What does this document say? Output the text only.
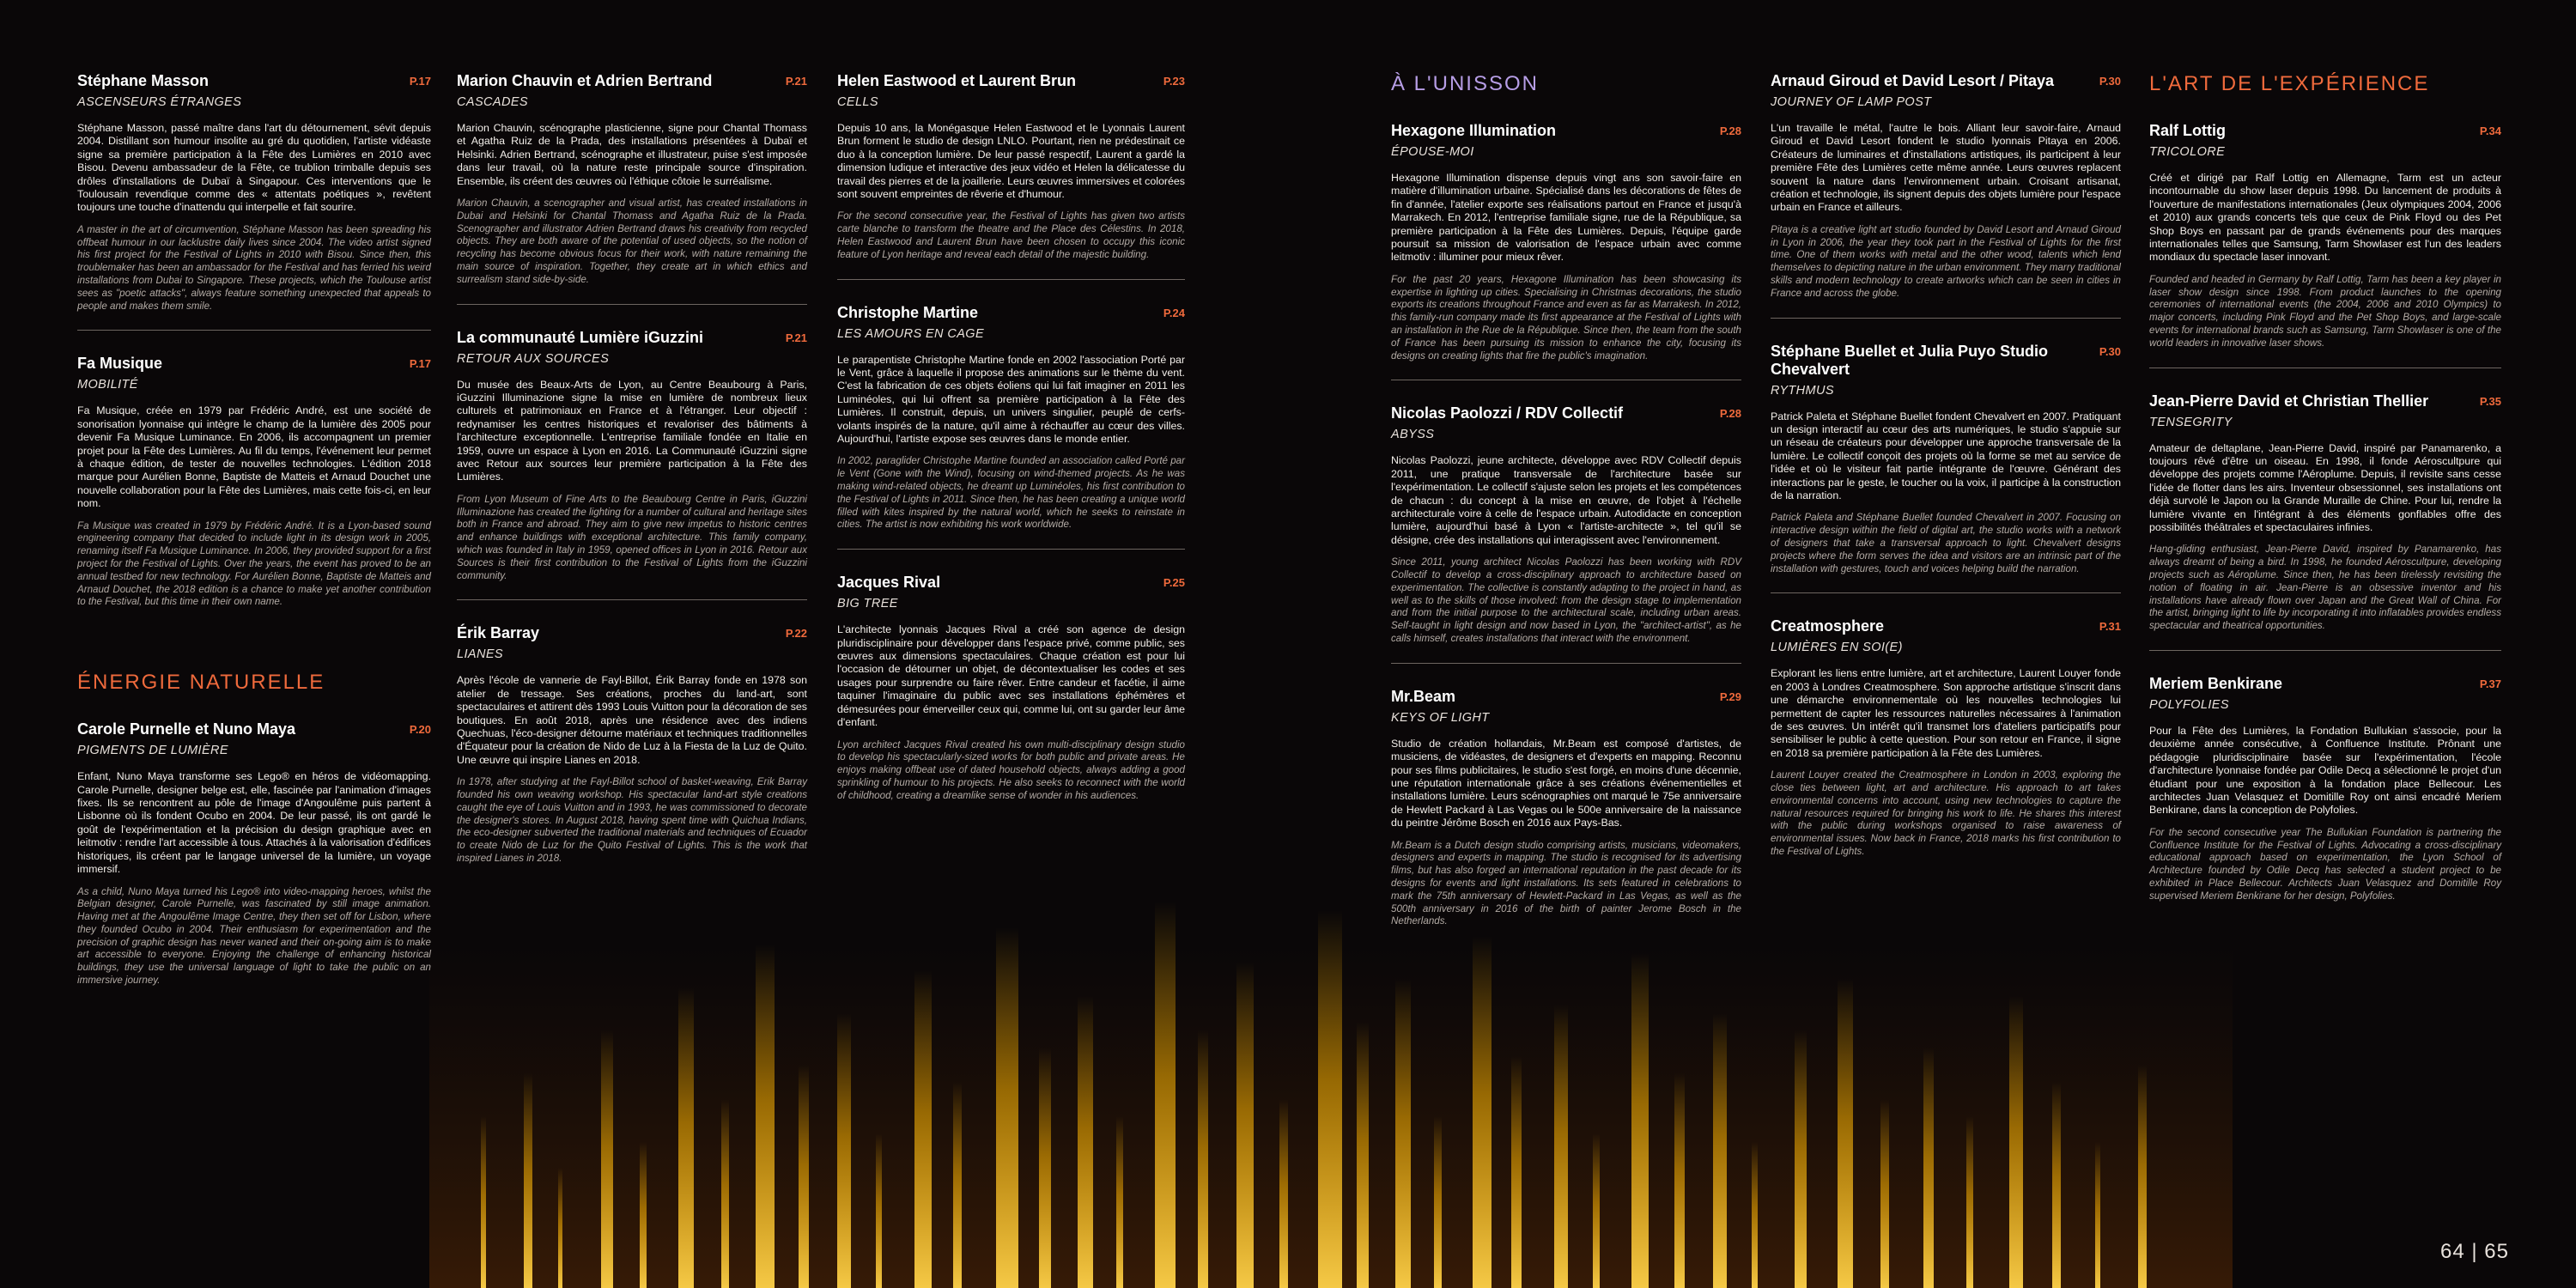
Stéphane Masson	P.17
ASCENSEURS ÉTRANGES

Stéphane Masson, passé maître dans l'art du détournement, sévit depuis 2004. Distillant son humour insolite au gré du quotidien, l'artiste vidéaste signe sa première participation à la Fête des Lumières en 2010 avec Bisou. Devenu ambassadeur de la Fête, ce trublion trimballe depuis ses drôles d'installations de Dubaï à Singapour. Ces interventions que le Toulousain revendique comme des « attentats poétiques », revêtent toujours une touche d'inattendu qui interpelle et fait sourire.

A master in the art of circumvention, Stéphane Masson has been spreading his offbeat humour in our lacklustre daily lives since 2004. The video artist signed his first project for the Festival of Lights in 2010 with Bisou. Since then, this troublemaker has been an ambassador for the Festival and has ferried his weird installations from Dubai to Singapore. These projects, which the Toulouse artist sees as "poetic attacks", always feature something unexpected that appeals to people and makes them smile.

Fa Musique	P.17
MOBILITÉ

Fa Musique, créée en 1979 par Frédéric André, est une société de sonorisation lyonnaise qui intègre le champ de la lumière dès 2005 pour devenir Fa Musique Luminance. En 2006, ils accompagnent un premier projet pour la Fête des Lumières. Au fil du temps, l'événement leur permet à chaque édition, de tester de nouvelles technologies. L'édition 2018 marque pour Aurélien Bonne, Baptiste de Matteis et Arnaud Douchet une nouvelle collaboration pour la Fête des Lumières, mais cette fois-ci, en leur nom.

Fa Musique was created in 1979 by Frédéric André. It is a Lyon-based sound engineering company that decided to include light in its design work in 2005, renaming itself Fa Musique Luminance. In 2006, they provided support for a first project for the Festival of Lights. Over the years, the event has proved to be an annual testbed for new technology. For Aurélien Bonne, Baptiste de Matteis and Arnaud Douchet, the 2018 edition is a chance to make yet another contribution to the Festival, but this time in their own name.

ÉNERGIE NATURELLE
Carole Purnelle et Nuno Maya	P.20
PIGMENTS DE LUMIÈRE

Enfant, Nuno Maya transforme ses Lego® en héros de vidéomapping. Carole Purnelle, designer belge est, elle, fascinée par l'animation d'images fixes. Ils se rencontrent au pôle de l'image d'Angoulême puis partent à Lisbonne où ils fondent Ocubo en 2004. De leur passé, ils ont gardé le goût de l'expérimentation et la précision du design graphique avec en leitmotiv : rendre l'art accessible à tous. Attachés à la valorisation d'édifices historiques, ils créent par le langage universel de la lumière, un voyage immersif.

As a child, Nuno Maya turned his Lego® into video-mapping heroes, whilst the Belgian designer, Carole Purnelle, was fascinated by still image animation. Having met at the Angoulême Image Centre, they then set off for Lisbon, where they founded Ocubo in 2004. Their enthusiasm for experimentation and the precision of graphic design has never waned and their on-going aim is to make art accessible to everyone. Enjoying the challenge of enhancing historical buildings, they use the universal language of light to take the public on an immersive journey.

Marion Chauvin et Adrien Bertrand	P.21
CASCADES

Marion Chauvin, scénographe plasticienne, signe pour Chantal Thomass et Agatha Ruiz de la Prada, des installations présentées à Dubaï et Helsinki. Adrien Bertrand, scénographe et illustrateur, puise s'est imposée dans leur travail, où la nature reste principale source d'inspiration. Ensemble, ils créent des œuvres où l'éthique côtoie le surréalisme.

Marion Chauvin, a scenographer and visual artist, has created installations in Dubai and Helsinki for Chantal Thomass and Agatha Ruiz de la Prada. Scenographer and illustrator Adrien Bertrand draws his creativity from recycled objects. They are both aware of the potential of used objects, so the notion of recycling has become obvious focus for their work, with nature remaining the main source of inspiration. Together, they create art in which ethics and surrealism stand side-by-side.

La communauté Lumière iGuzzini	P.21
RETOUR AUX SOURCES

Du musée des Beaux-Arts de Lyon, au Centre Beaubourg à Paris, iGuzzini Illuminazione signe la mise en lumière de nombreux lieux culturels et patrimoniaux en France et à l'étranger. Leur objectif : redynamiser les centres historiques et revaloriser des bâtiments à l'architecture exceptionnelle. L'entreprise familiale fondée en Italie en 1959, ouvre un espace à Lyon en 2016. La Communauté iGuzzini signe avec Retour aux sources leur première participation à la Fête des Lumières.

From Lyon Museum of Fine Arts to the Beaubourg Centre in Paris, iGuzzini Illuminazione has created the lighting for a number of cultural and heritage sites both in France and abroad. They aim to give new impetus to historic centres and enhance buildings with exceptional architecture. This family company, which was founded in Italy in 1959, opened offices in Lyon in 2016. Retour aux Sources is their first contribution to the Festival of Lights from the iGuzzini community.

Érik Barray	P.22
LIANES

Après l'école de vannerie de Fayl-Billot, Érik Barray fonde en 1978 son atelier de tressage. Ses créations, proches du land-art, sont spectaculaires et attirent dès 1993 Louis Vuitton pour la décoration de ses boutiques. En août 2018, après une résidence avec des indiens Quechuas, l'éco-designer détourne matériaux et techniques traditionnelles d'Équateur pour la création de Nido de Luz à la Fiesta de la Luz de Quito. Une œuvre qui inspire Lianes en 2018.

In 1978, after studying at the Fayl-Billot school of basket-weaving, Erik Barray founded his own weaving workshop. His spectacular land-art style creations caught the eye of Louis Vuitton and in 1993, he was commissioned to decorate the designer's stores. In August 2018, having spent time with Quichua Indians, the eco-designer subverted the traditional materials and techniques of Ecuador to create Nido de Luz for the Quito Festival of Lights. This is the work that inspired Lianes in 2018.

Helen Eastwood et Laurent Brun	P.23
CELLS

Depuis 10 ans, la Monégasque Helen Eastwood et le Lyonnais Laurent Brun forment le studio de design LNLO. Pourtant, rien ne prédestinait ce duo à la conception lumière. De leur passé respectif, Laurent a gardé la dimension ludique et interactive des jeux vidéo et Helen la délicatesse du travail des pierres et de la joaillerie. Leurs œuvres immersives et colorées sont souvent empreintes de rêverie et d'humour.

For the second consecutive year, the Festival of Lights has given two artists carte blanche to transform the theatre and the Place des Célestins. In 2018, Helen Eastwood and Laurent Brun have been chosen to occupy this iconic feature of Lyon heritage and reveal each detail of the majestic building.

Christophe Martine	P.24
LES AMOURS EN CAGE

Le parapentiste Christophe Martine fonde en 2002 l'association Porté par le Vent, grâce à laquelle il propose des animations sur le thème du vent. C'est la fabrication de ces objets éoliens qui lui fait imaginer en 2011 les Luminéoles, qui lui offrent sa première participation à la Fête des Lumières. Il construit, depuis, un univers singulier, peuplé de cerfs-volants inspirés de la nature, qu'il aime à réchauffer au cœur des villes. Aujourd'hui, l'artiste expose ses œuvres dans le monde entier.

In 2002, paraglider Christophe Martine founded an association called Porté par le Vent (Gone with the Wind), focusing on wind-themed projects. As he was making wind-related objects, he dreamt up Luminéoles, his first contribution to the Festival of Lights in 2011. Since then, he has been creating a unique world filled with kites inspired by the natural world, which he seeks to reinstate in cities. The artist is now exhibiting his work worldwide.

Jacques Rival	P.25
BIG TREE

L'architecte lyonnais Jacques Rival a créé son agence de design pluridisciplinaire pour développer dans l'espace privé, comme public, ses œuvres aux dimensions spectaculaires. Chaque création est pour lui l'occasion de détourner un objet, de décontextualiser les codes et ses usages pour surprendre ou faire rêver. Entre candeur et facétie, il aime taquiner l'imaginaire du public avec ses installations éphémères et démesurées pour émerveiller ceux qui, comme lui, ont su garder leur âme d'enfant.

Lyon architect Jacques Rival created his own multi-disciplinary design studio to develop his spectacularly-sized works for both public and private areas. He enjoys making offbeat use of dated household objects, always adding a good sprinkling of humour to his projects. He also seeks to reconnect with the world of childhood, creating a dreamlike sense of wonder in his audiences.

À L'UNISSON
Hexagone Illumination	P.28
ÉPOUSE-MOI

Hexagone Illumination dispense depuis vingt ans son savoir-faire en matière d'illumination urbaine. Spécialisé dans les décorations de fêtes de fin d'année, l'atelier exporte ses réalisations partout en France et jusqu'à Marrakech. En 2012, l'entreprise familiale signe, rue de la République, sa première participation à la Fête des Lumières. Depuis, l'équipe garde poursuit sa mission de valorisation de l'espace urbain avec comme leitmotiv : illuminer pour mieux rêver.

For the past 20 years, Hexagone Illumination has been showcasing its expertise in lighting up cities. Specialising in Christmas decorations, the studio exports its creations throughout France and even as far as Marrakesh. In 2012, this family-run company made its first appearance at the Festival of Lights with an installation in the Rue de la République. Since then, the team from the south of France has been pursuing its mission to enhance the city, focusing its designs on creating lights that fire the public's imagination.

Nicolas Paolozzi / RDV Collectif	P.28
ABYSS

Nicolas Paolozzi, jeune architecte, développe avec RDV Collectif depuis 2011, une pratique transversale de l'architecture basée sur l'expérimentation. Le collectif s'ajuste selon les projets et les compétences de chacun : du concept à la mise en œuvre, de l'objet à l'échelle architecturale voire à celle de l'espace urbain. Autodidacte en conception lumière, aujourd'hui basé à Lyon « l'artiste-architecte », tel qu'il se désigne, crée des installations qui interagissent avec l'environnement.

Since 2011, young architect Nicolas Paolozzi has been working with RDV Collectif to develop a cross-disciplinary approach to architecture based on experimentation. The collective is constantly adapting to the project in hand, as well as to the skills of those involved: from the design stage to implementation and from the initial purpose to the architectural scale, including urban areas. Self-taught in light design and now based in Lyon, the "architect-artist", as he calls himself, creates installations that interact with the environment.

Mr.Beam	P.29
KEYS OF LIGHT

Studio de création hollandais, Mr.Beam est composé d'artistes, de musiciens, de vidéastes, de designers et d'experts en mapping. Reconnu pour ses films publicitaires, le studio s'est forgé, en moins d'une décennie, une réputation internationale grâce à ses créations événementielles et installations lumière. Leurs scénographies ont marqué le 75e anniversaire de Hewlett Packard à Las Vegas ou le 500e anniversaire de la naissance du peintre Jérôme Bosch en 2016 aux Pays-Bas.

Mr.Beam is a Dutch design studio comprising artists, musicians, videomakers, designers and experts in mapping. The studio is recognised for its advertising films, but has also forged an international reputation in the past decade for its designs for events and light installations. Its sets featured in celebrations to mark the 75th anniversary of Hewlett-Packard in Las Vegas, as well as the 500th anniversary in 2016 of the birth of painter Jerome Bosch in the Netherlands.

Arnaud Giroud et David Lesort / Pitaya	P.30
JOURNEY OF LAMP POST

L'un travaille le métal, l'autre le bois. Alliant leur savoir-faire, Arnaud Giroud et David Lesort fondent le studio lyonnais Pitaya en 2006. Créateurs de luminaires et d'installations artistiques, ils participent à leur première Fête des Lumières cette même année. Leurs œuvres replacent souvent la nature dans l'environnement urbain. Croisant artisanat, création et technologie, ils signent depuis des objets lumière pour l'espace urbain en France et ailleurs.

Pitaya is a creative light art studio founded by David Lesort and Arnaud Giroud in Lyon in 2006, the year they took part in the Festival of Lights for the first time. One of them works with metal and the other wood, talents which lend themselves to depicting nature in the urban environment. They marry traditional skills and modern technology to create artworks which can be seen in cities in France and across the globe.

Stéphane Buellet et Julia Puyo Studio Chevalvert
P.30
RYTHMUS

Patrick Paleta et Stéphane Buellet fondent Chevalvert en 2007. Pratiquant un design interactif au cœur des arts numériques, le studio s'appuie sur un réseau de créateurs pour développer une approche transversale de la lumière. Le collectif conçoit des projets où la forme se met au service de l'idée et où le visiteur fait partie intégrante de l'œuvre. Générant des interactions par le geste, le toucher ou la voix, il participe à la construction de la narration.

Patrick Paleta and Stéphane Buellet founded Chevalvert in 2007. Focusing on interactive design within the field of digital art, the studio works with a network of designers that take a transversal approach to light. Chevalvert designs projects where the form serves the idea and visitors are an intrinsic part of the installation with gestures, touch and voices helping build the narration.

Creatmosphere	P.31
LUMIÈRES EN SOI(E)

Explorant les liens entre lumière, art et architecture, Laurent Louyer fonde en 2003 à Londres Creatmosphere. Son approche artistique s'inscrit dans une démarche environnementale où les nouvelles technologies lui permettent de capter les ressources naturelles nécessaires à l'animation de ses œuvres. Un intérêt qu'il transmet lors d'ateliers participatifs pour sensibiliser le public à cette question. Pour son retour en France, il signe en 2018 sa première participation à la Fête des Lumières.

Laurent Louyer created the Creatmosphere in London in 2003, exploring the close ties between light, art and architecture. His approach to art takes environmental concerns into account, using new technologies to capture the natural resources required for bringing his work to life. He shares this interest with the public during workshops organised to raise awareness of environmental issues. Now back in France, 2018 marks his first contribution to the Festival of Lights.

L'ART DE L'EXPÉRIENCE
Ralf Lottig	P.34
TRICOLORE

Créé et dirigé par Ralf Lottig en Allemagne, Tarm est un acteur incontournable du show laser depuis 1998. Du lancement de produits à l'ouverture de manifestations internationales (Jeux olympiques 2004, 2006 et 2010) aux grands concerts tels que ceux de Pink Floyd ou des Pet Shop Boys en passant par de grands événements pour des marques internationales telles que Samsung, Tarm Showlaser est l'un des leaders mondiaux du spectacle laser innovant.

Founded and headed in Germany by Ralf Lottig, Tarm has been a key player in laser show design since 1998. From product launches to the opening ceremonies of international events (the 2004, 2006 and 2010 Olympics) to major concerts, including Pink Floyd and the Pet Shop Boys, and large-scale events for international brands such as Samsung, Tarm Showlaser is one of the world leaders in innovative laser shows.

Jean-Pierre David et Christian Thellier	P.35
TENSEGRITY

Amateur de deltaplane, Jean-Pierre David, inspiré par Panamarenko, a toujours rêvé d'être un oiseau. En 1998, il fonde Aéroscultpure qui développe des projets comme l'Aéroplume. Depuis, il revisite sans cesse l'idée de flotter dans les airs. Inventeur obsessionnel, ses installations ont déjà survolé le Japon ou la Grande Muraille de Chine. Pour lui, rendre la lumière vivante en l'intégrant à des éléments gonflables offre des possibilités théâtrales et spectaculaires infinies.

Hang-gliding enthusiast, Jean-Pierre David, inspired by Panamarenko, has always dreamt of being a bird. In 1998, he founded Aéroscultpure, developing projects such as Aéroplume. Since then, he has been tirelessly revisiting the notion of floating in air. Jean-Pierre is an obsessive inventor and his installations have already flown over Japan and the Great Wall of China. For the artist, bringing light to life by incorporating it into inflatables provides endless spectacular and theatrical opportunities.

Meriem Benkirane	P.37
POLYFOLIES

Pour la Fête des Lumières, la Fondation Bullukian s'associe, pour la deuxième année consécutive, à Confluence Institute. Prônant une pédagogie pluridisciplinaire basée sur l'expérimentation, l'école d'architecture lyonnaise fondée par Odile Decq a sélectionné le projet d'un étudiant pour une exposition à la fondation place Bellecour. Les architectes Juan Velasquez et Domitille Roy ont ainsi encadré Meriem Benkirane, dans la conception de Polyfolies.

For the second consecutive year The Bullukian Foundation is partnering the Confluence Institute for the Festival of Lights. Advocating a cross-disciplinary educational approach based on experimentation, the Lyon School of Architecture founded by Odile Decq has selected a student project to be exhibited in Place Bellecour. Architects Juan Velasquez and Domitille Roy supervised Meriem Benkirane for her design, Polyfolies.

64 | 65
